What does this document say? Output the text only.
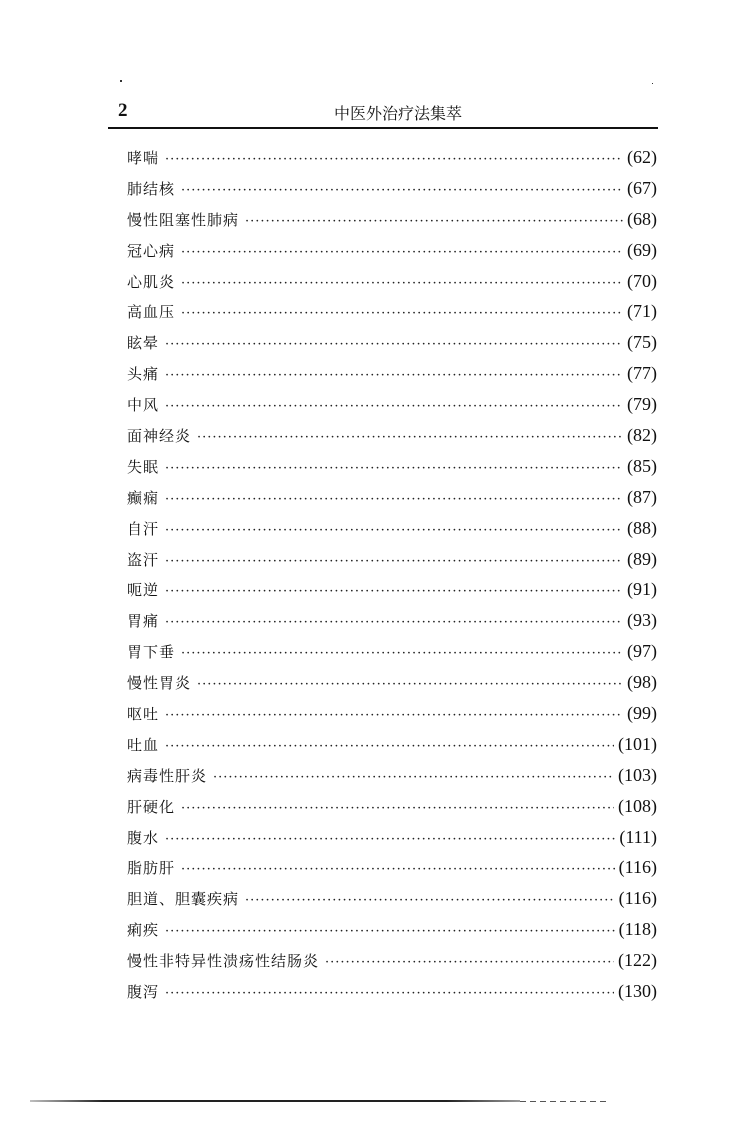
2	中医外治疗法集萃
哮喘 ·····	(62)
肺结核 ·····	(67)
慢性阻塞性肺病 ·····	(68)
冠心病 ·····	(69)
心肌炎 ·····	(70)
高血压 ·····	(71)
眩晕 ·····	(75)
头痛 ·····	(77)
中风 ·····	(79)
面神经炎 ·····	(82)
失眠 ·····	(85)
癫痫 ·····	(87)
自汗 ·····	(88)
盗汗 ·····	(89)
呃逆 ·····	(91)
胃痛 ·····	(93)
胃下垂 ·····	(97)
慢性胃炎 ·····	(98)
呕吐 ·····	(99)
吐血 ·····	(101)
病毒性肝炎 ·····	(103)
肝硬化 ·····	(108)
腹水 ·····	(111)
脂肪肝 ·····	(116)
胆道、胆囊疾病 ·····	(116)
痢疾 ·····	(118)
慢性非特异性溃疡性结肠炎 ·····	(122)
腹泻 ·····	(130)
